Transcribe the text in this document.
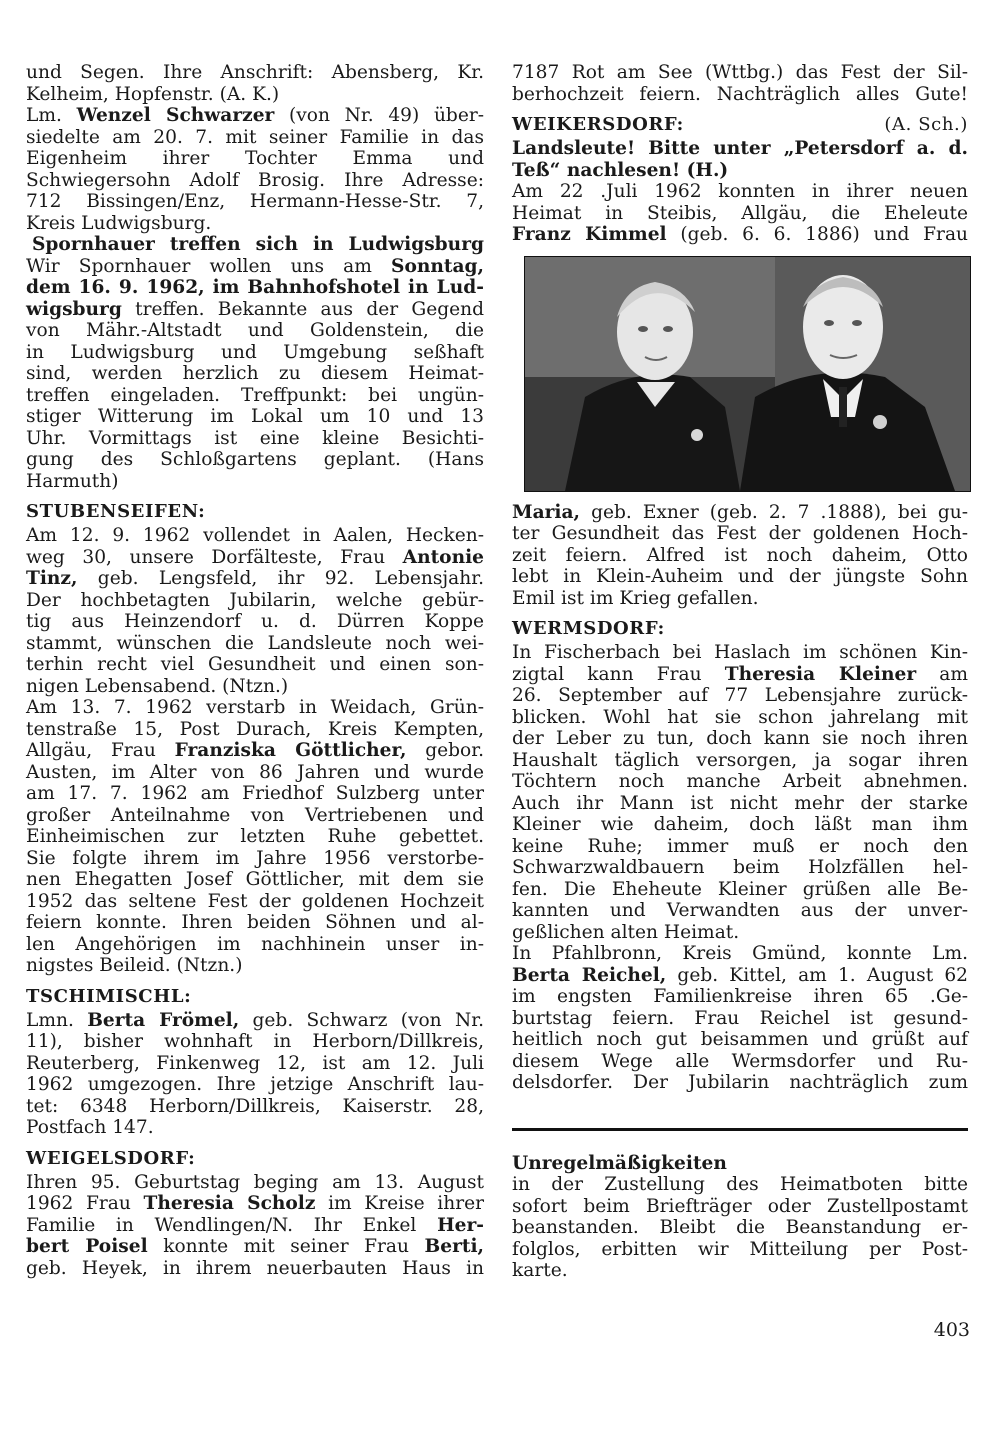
und Segen. Ihre Anschrift: Abensberg, Kr.
Kelheim, Hopfenstr. (A. K.)
Lm. Wenzel Schwarzer (von Nr. 49) über-
siedelte am 20. 7. mit seiner Familie in das
Eigenheim ihrer Tochter Emma und
Schwiegersohn Adolf Brosig. Ihre Adresse:
712 Bissingen/Enz, Hermann-Hesse-Str. 7,
Kreis Ludwigsburg.
Spornhauer treffen sich in Ludwigsburg
Wir Spornhauer wollen uns am Sonntag,
dem 16. 9. 1962, im Bahnhofshotel in Lud-
wigsburg treffen. Bekannte aus der Gegend
von Mähr.-Altstadt und Goldenstein, die
in Ludwigsburg und Umgebung seßhaft
sind, werden herzlich zu diesem Heimat-
treffen eingeladen. Treffpunkt: bei ungün-
stiger Witterung im Lokal um 10 und 13
Uhr. Vormittags ist eine kleine Besichti-
gung des Schloßgartens geplant. (Hans
Harmuth)
STUBENSEIFEN:
Am 12. 9. 1962 vollendet in Aalen, Hecken-
weg 30, unsere Dorfälteste, Frau Antonie
Tinz, geb. Lengsfeld, ihr 92. Lebensjahr.
Der hochbetagten Jubilarin, welche gebür-
tig aus Heinzendorf u. d. Dürren Koppe
stammt, wünschen die Landsleute noch wei-
terhin recht viel Gesundheit und einen son-
nigen Lebensabend. (Ntzn.)
Am 13. 7. 1962 verstarb in Weidach, Grün-
tenstraße 15, Post Durach, Kreis Kempten,
Allgäu, Frau Franziska Göttlicher, gebor.
Austen, im Alter von 86 Jahren und wurde
am 17. 7. 1962 am Friedhof Sulzberg unter
großer Anteilnahme von Vertriebenen und
Einheimischen zur letzten Ruhe gebettet.
Sie folgte ihrem im Jahre 1956 verstorbe-
nen Ehegatten Josef Göttlicher, mit dem sie
1952 das seltene Fest der goldenen Hochzeit
feiern konnte. Ihren beiden Söhnen und al-
len Angehörigen im nachhinein unser in-
nigstes Beileid. (Ntzn.)
TSCHIMISCHL:
Lmn. Berta Frömel, geb. Schwarz (von Nr.
11), bisher wohnhaft in Herborn/Dillkreis,
Reuterberg, Finkenweg 12, ist am 12. Juli
1962 umgezogen. Ihre jetzige Anschrift lau-
tet: 6348 Herborn/Dillkreis, Kaiserstr. 28,
Postfach 147.
WEIGELSDORF:
Ihren 95. Geburtstag beging am 13. August
1962 Frau Theresia Scholz im Kreise ihrer
Familie in Wendlingen/N. Ihr Enkel Her-
bert Poisel konnte mit seiner Frau Berti,
geb. Heyek, in ihrem neuerbauten Haus in
7187 Rot am See (Wttbg.) das Fest der Sil-
berhochzeit feiern. Nachträglich alles Gute!
WEIKERSDORF:	(A. Sch.)
Landsleute! Bitte unter „Petersdorf a. d.
Teß“ nachlesen! (H.)
Am 22 .Juli 1962 konnten in ihrer neuen
Heimat in Steibis, Allgäu, die Eheleute
Franz Kimmel (geb. 6. 6. 1886) und Frau
Maria, geb. Exner (geb. 2. 7 .1888), bei gu-
ter Gesundheit das Fest der goldenen Hoch-
zeit feiern. Alfred ist noch daheim, Otto
lebt in Klein-Auheim und der jüngste Sohn
Emil ist im Krieg gefallen.
WERMSDORF:
In Fischerbach bei Haslach im schönen Kin-
zigtal kann Frau Theresia Kleiner am
26. September auf 77 Lebensjahre zurück-
blicken. Wohl hat sie schon jahrelang mit
der Leber zu tun, doch kann sie noch ihren
Haushalt täglich versorgen, ja sogar ihren
Töchtern noch manche Arbeit abnehmen.
Auch ihr Mann ist nicht mehr der starke
Kleiner wie daheim, doch läßt man ihm
keine Ruhe; immer muß er noch den
Schwarzwaldbauern beim Holzfällen hel-
fen. Die Eheheute Kleiner grüßen alle Be-
kannten und Verwandten aus der unver-
geßlichen alten Heimat.
In Pfahlbronn, Kreis Gmünd, konnte Lm.
Berta Reichel, geb. Kittel, am 1. August 62
im engsten Familienkreise ihren 65 .Ge-
burtstag feiern. Frau Reichel ist gesund-
heitlich noch gut beisammen und grüßt auf
diesem Wege alle Wermsdorfer und Ru-
delsdorfer. Der Jubilarin nachträglich zum
Unregelmäßigkeiten
in der Zustellung des Heimatboten bitte
sofort beim Briefträger oder Zustellpostamt
beanstanden. Bleibt die Beanstandung er-
folglos, erbitten wir Mitteilung per Post-
karte.
403
